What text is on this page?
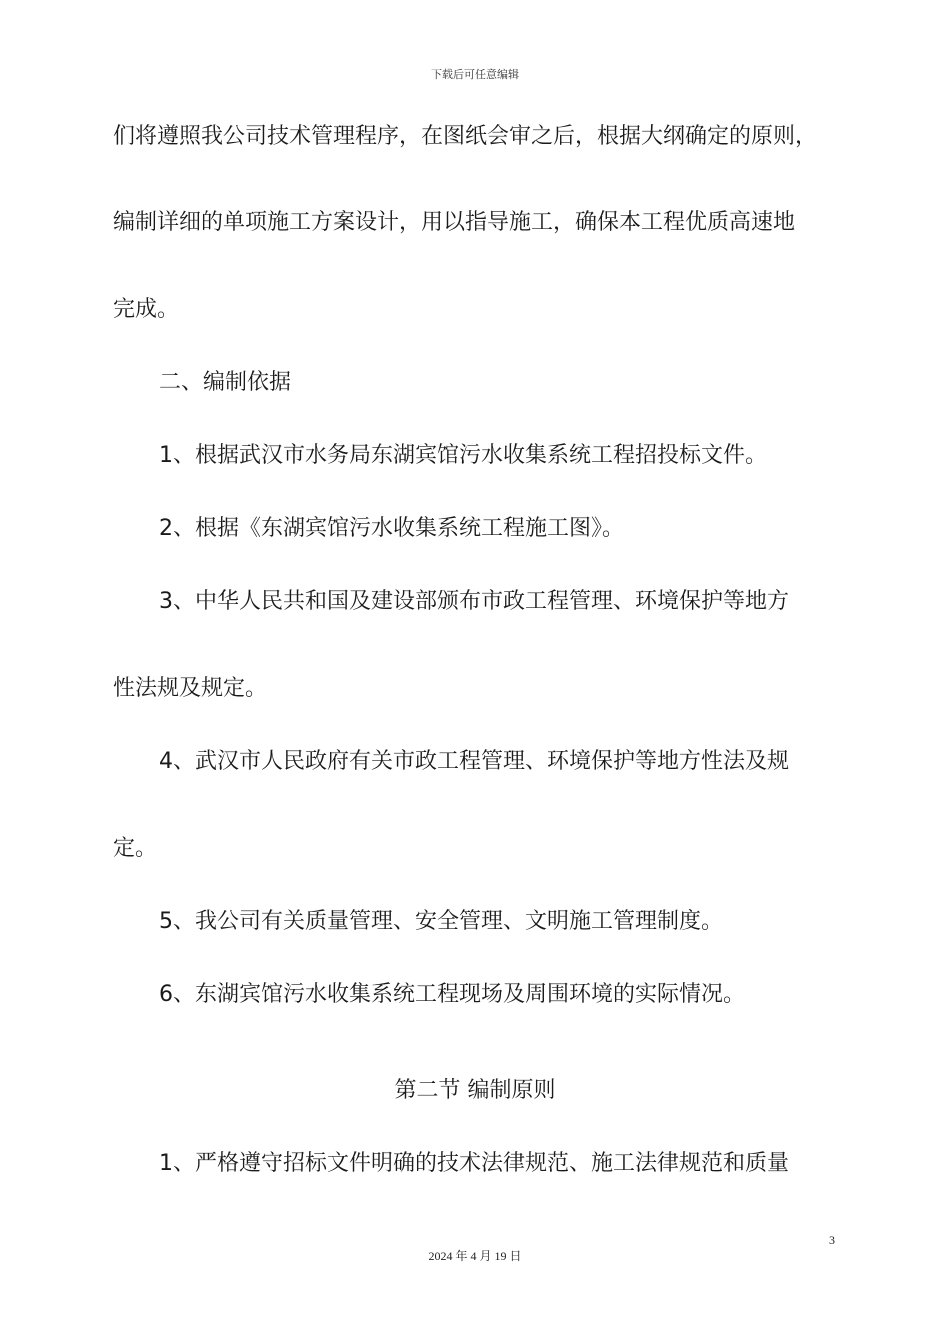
下载后可任意编辑
们将遵照我公司技术管理程序，在图纸会审之后，根据大纲确定的原则，
编制详细的单项施工方案设计，用以指导施工，确保本工程优质高速地
完成。
二、编制依据
1、根据武汉市水务局东湖宾馆污水收集系统工程招投标文件。
2、根据《东湖宾馆污水收集系统工程施工图》。
3、中华人民共和国及建设部颁布市政工程管理、环境保护等地方
性法规及规定。
4、武汉市人民政府有关市政工程管理、环境保护等地方性法及规
定。
5、我公司有关质量管理、安全管理、文明施工管理制度。
6、东湖宾馆污水收集系统工程现场及周围环境的实际情况。
第二节 编制原则
1、严格遵守招标文件明确的技术法律规范、施工法律规范和质量
3
2024 年 4 月 19 日
